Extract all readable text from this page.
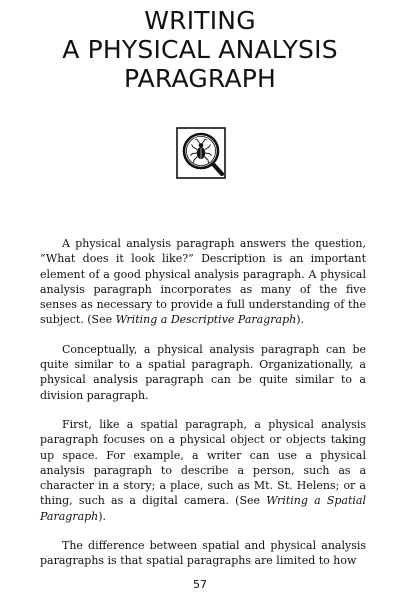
WRITING
A PHYSICAL ANALYSIS
PARAGRAPH

A physical analysis paragraph answers the question, “What does it look like?” Description is an important element of a good physical analysis paragraph. A physical analysis paragraph incorporates as many of the five senses as necessary to provide a full understanding of the subject. (See Writing a Descriptive Paragraph).

Conceptually, a physical analysis paragraph can be quite similar to a spatial paragraph. Organizationally, a physical analysis paragraph can be quite similar to a division paragraph.

First, like a spatial paragraph, a physical analysis paragraph focuses on a physical object or objects taking up space. For example, a writer can use a physical analysis paragraph to describe a person, such as a character in a story; a place, such as Mt. St. Helens; or a thing, such as a digital camera. (See Writing a Spatial Paragraph).

The difference between spatial and physical analysis paragraphs is that spatial paragraphs are limited to how

57
